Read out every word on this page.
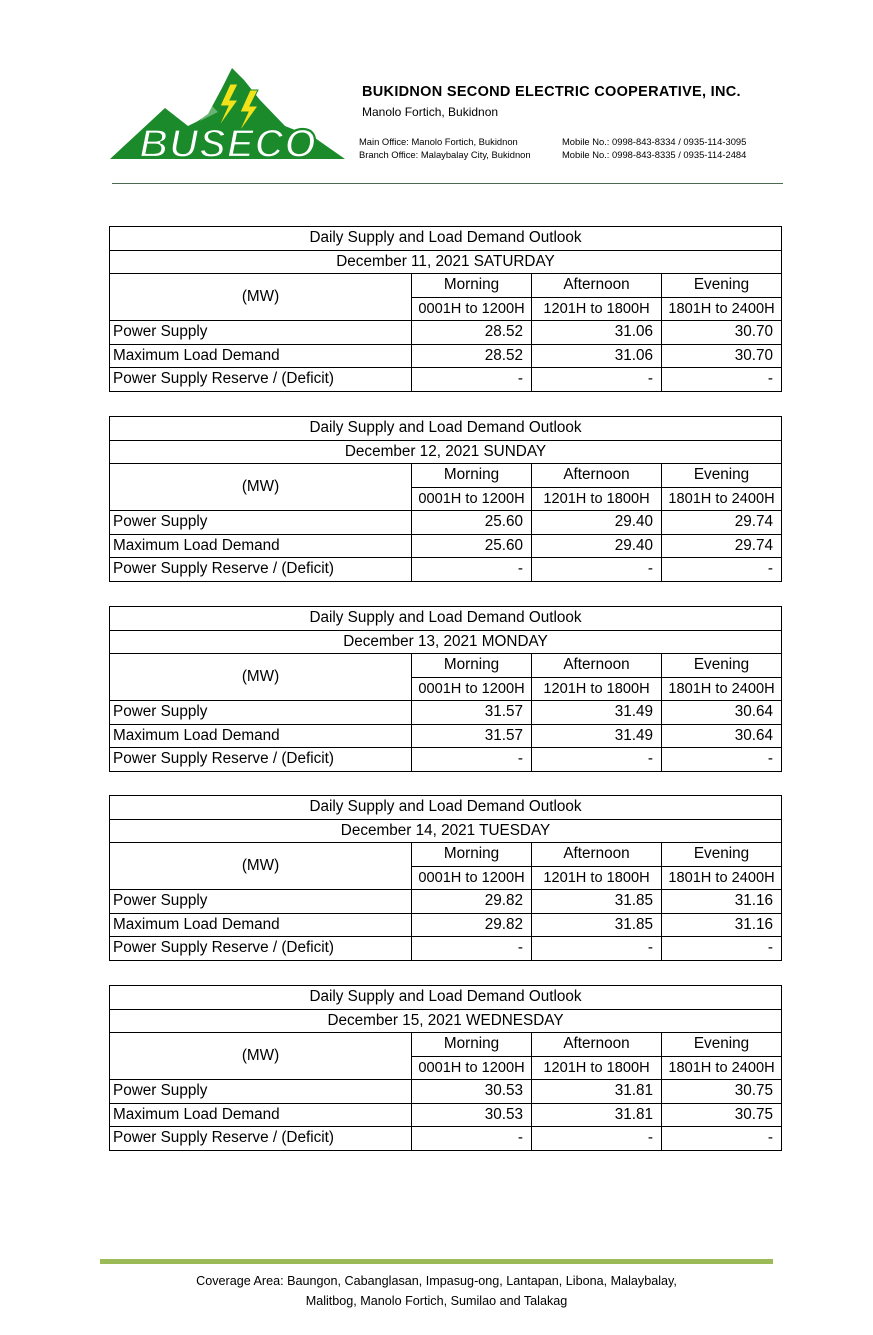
BUSECO
BUKIDNON SECOND ELECTRIC COOPERATIVE, INC.
Manolo Fortich, Bukidnon
Main Office: Manolo Fortich, Bukidnon	Mobile No.: 0998-843-8334 / 0935-114-3095
Branch Office: Malaybalay City, Bukidnon	Mobile No.: 0998-843-8335 / 0935-114-2484
Daily Supply and Load Demand Outlook			
December 11, 2021 SATURDAY			
(MW)	Morning	Afternoon	Evening
	0001H to 1200H	1201H to 1800H	1801H to 2400H
Power Supply	28.52	31.06	30.70
Maximum Load Demand	28.52	31.06	30.70
Power Supply Reserve / (Deficit)	-	-	-
Daily Supply and Load Demand Outlook			
December 12, 2021 SUNDAY			
(MW)	Morning	Afternoon	Evening
	0001H to 1200H	1201H to 1800H	1801H to 2400H
Power Supply	25.60	29.40	29.74
Maximum Load Demand	25.60	29.40	29.74
Power Supply Reserve / (Deficit)	-	-	-
Daily Supply and Load Demand Outlook			
December 13, 2021 MONDAY			
(MW)	Morning	Afternoon	Evening
	0001H to 1200H	1201H to 1800H	1801H to 2400H
Power Supply	31.57	31.49	30.64
Maximum Load Demand	31.57	31.49	30.64
Power Supply Reserve / (Deficit)	-	-	-
Daily Supply and Load Demand Outlook			
December 14, 2021 TUESDAY			
(MW)	Morning	Afternoon	Evening
	0001H to 1200H	1201H to 1800H	1801H to 2400H
Power Supply	29.82	31.85	31.16
Maximum Load Demand	29.82	31.85	31.16
Power Supply Reserve / (Deficit)	-	-	-
Daily Supply and Load Demand Outlook			
December 15, 2021 WEDNESDAY			
(MW)	Morning	Afternoon	Evening
	0001H to 1200H	1201H to 1800H	1801H to 2400H
Power Supply	30.53	31.81	30.75
Maximum Load Demand	30.53	31.81	30.75
Power Supply Reserve / (Deficit)	-	-	-
Coverage Area: Baungon, Cabanglasan, Impasug-ong, Lantapan, Libona, Malaybalay,
Malitbog, Manolo Fortich, Sumilao and Talakag
